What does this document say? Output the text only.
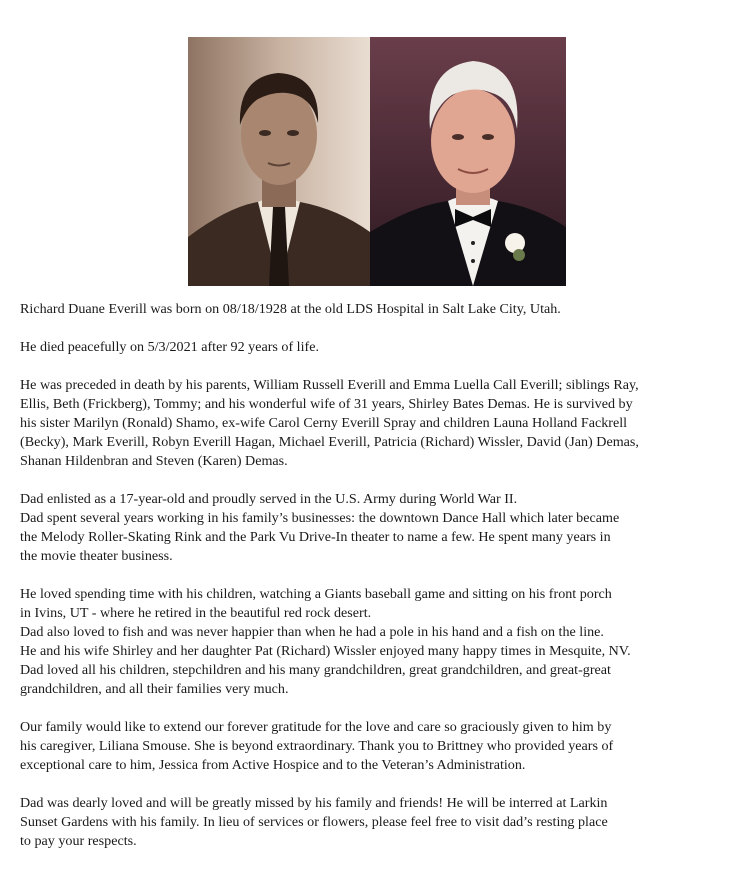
Richard Duane Everill was born on 08/18/1928 at the old LDS Hospital in Salt Lake City, Utah.

He died peacefully on 5/3/2021 after 92 years of life.

He was preceded in death by his parents, William Russell Everill and Emma Luella Call Everill; siblings Ray,
Ellis, Beth (Frickberg), Tommy; and his wonderful wife of 31 years, Shirley Bates Demas. He is survived by
his sister Marilyn (Ronald) Shamo, ex-wife Carol Cerny Everill Spray and children Launa Holland Fackrell
(Becky), Mark Everill, Robyn Everill Hagan, Michael Everill, Patricia (Richard) Wissler, David (Jan) Demas,
Shanan Hildenbran and Steven (Karen) Demas.

Dad enlisted as a 17-year-old and proudly served in the U.S. Army during World War II.
Dad spent several years working in his family’s businesses: the downtown Dance Hall which later became
the Melody Roller-Skating Rink and the Park Vu Drive-In theater to name a few. He spent many years in
the movie theater business.

He loved spending time with his children, watching a Giants baseball game and sitting on his front porch
in Ivins, UT - where he retired in the beautiful red rock desert.
Dad also loved to fish and was never happier than when he had a pole in his hand and a fish on the line.
He and his wife Shirley and her daughter Pat (Richard) Wissler enjoyed many happy times in Mesquite, NV.
Dad loved all his children, stepchildren and his many grandchildren, great grandchildren, and great-great
grandchildren, and all their families very much.

Our family would like to extend our forever gratitude for the love and care so graciously given to him by
his caregiver, Liliana Smouse. She is beyond extraordinary. Thank you to Brittney who provided years of
exceptional care to him, Jessica from Active Hospice and to the Veteran’s Administration.

Dad was dearly loved and will be greatly missed by his family and friends! He will be interred at Larkin
Sunset Gardens with his family. In lieu of services or flowers, please feel free to visit dad’s resting place
to pay your respects.
